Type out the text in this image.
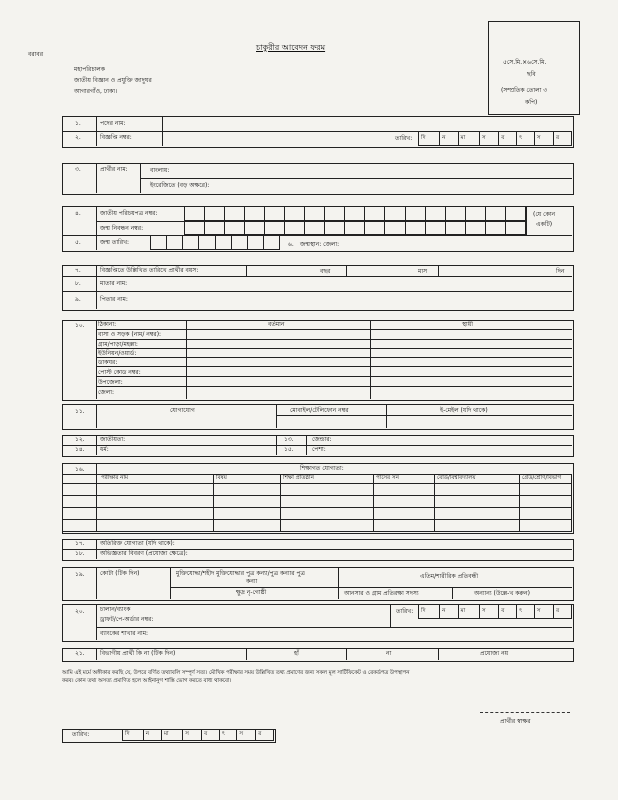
চাকুরীর আবেদন ফরম
বরাবর
মহাপরিচালক
জাতীয় বিজ্ঞান ও প্রযুক্তি জাদুঘর
আগারগাঁও, ঢাকা।
৫সে.মি.×৬সে.মি.
ছবি
(সম্প্রতিক তোলা ৩
কপি)
১.	পদের নাম:
২.	বিজ্ঞপ্তি নম্বর:	তারিখ: দি	ন	মা	স	ব	ৎ	স	র
৩.	প্রার্থীর নাম:	বাংলায়:
ইংরেজিতে (বড় অক্ষরে):
৪.	জাতীয় পরিচয়পত্র নম্বর:
জন্ম নিবন্ধন নম্বর:

(যে কোন
একটি)
৫.	জন্ম তারিখ:
								৬. জন্মস্থান: জেলা:
৭.	বিজ্ঞপ্তিতে উল্লিখিত তারিখে প্রার্থীর বয়স:	বছর	মাস	দিন
৮.	মাতার নাম:
৯.	পিতার নাম:
১০. ঠিকানা:	বর্তমান	স্থায়ী
বাসা ও সড়ক (নাম/ নম্বর):
গ্রাম/পাড়া/মহল্লা:
ইউনিয়ন/ওয়ার্ড:
ডাকঘর:
পোস্ট কোড নম্বর:
উপজেলা:
জেলা:
১১.	যোগাযোগ	মোবাইল/টেলিফোন নম্বর	ই-মেইল (যদি থাকে)
১২.	জাতীয়তা:	১৩.	জেন্ডার:
১৪.	ধর্ম:	১৫.	পেশা:
১৬.	শিক্ষাগত যোগ্যতা:
পরীক্ষার নাম	বিষয়	শিক্ষা প্রতিষ্ঠান	পাসের সন	বোর্ড/বিশ্ববিদ্যালয়	গ্রেড/শ্রেণি/বিভাগ

১৭.	অতিরিক্ত যোগ্যতা (যদি থাকে):
১৮.	অভিজ্ঞতার বিবরণ (প্রযোজ্য ক্ষেত্রে):
১৯.	কোটা (টিক দিন)	মুক্তিযোদ্ধা/শহীদ মুক্তিযোদ্ধার পুত্র কন্যা/পুত্র কন্যার পুত্র
কন্যা
এতিম/শারীরিক প্রতিবন্ধী
ক্ষুদ্র নৃ-গোষ্ঠী	আনসার ও গ্রাম প্রতিরক্ষা সদস্য	অন্যান্য (উল্লে-খ করুন)
২০.	চালান/ব্যাংক
ড্রাফট/পে-অর্ডার নম্বর:
তারিখ: দি	ন	মা	স	ব	ৎ	স	র
ব্যাংকের শাখার নাম:
২১.	বিভাগীয় প্রার্থী কি না (টিক দিন)	হাঁ	না	প্রযোজ্য নয়
আমি এই মর্মে অঙ্গীকার করছি যে, উপরে বর্ণিত তথ্যাবলি সম্পূর্ণ সত্য। মৌখিক পরীক্ষার সময় উল্লিখিত তথ্য প্রমাণের জন্য সকল মূল সার্টিফিকেট ও রেকর্ডপত্র উপস্থাপন
করব। কোন তথ্য অসত্য প্রমাণিত হলে আইনানুগ শাস্তি ভোগ করতে বাধ্য থাকবো।
প্রার্থীর স্বাক্ষর
তারিখ:	দি	ন	মা	স	ব	ৎ	স	র
